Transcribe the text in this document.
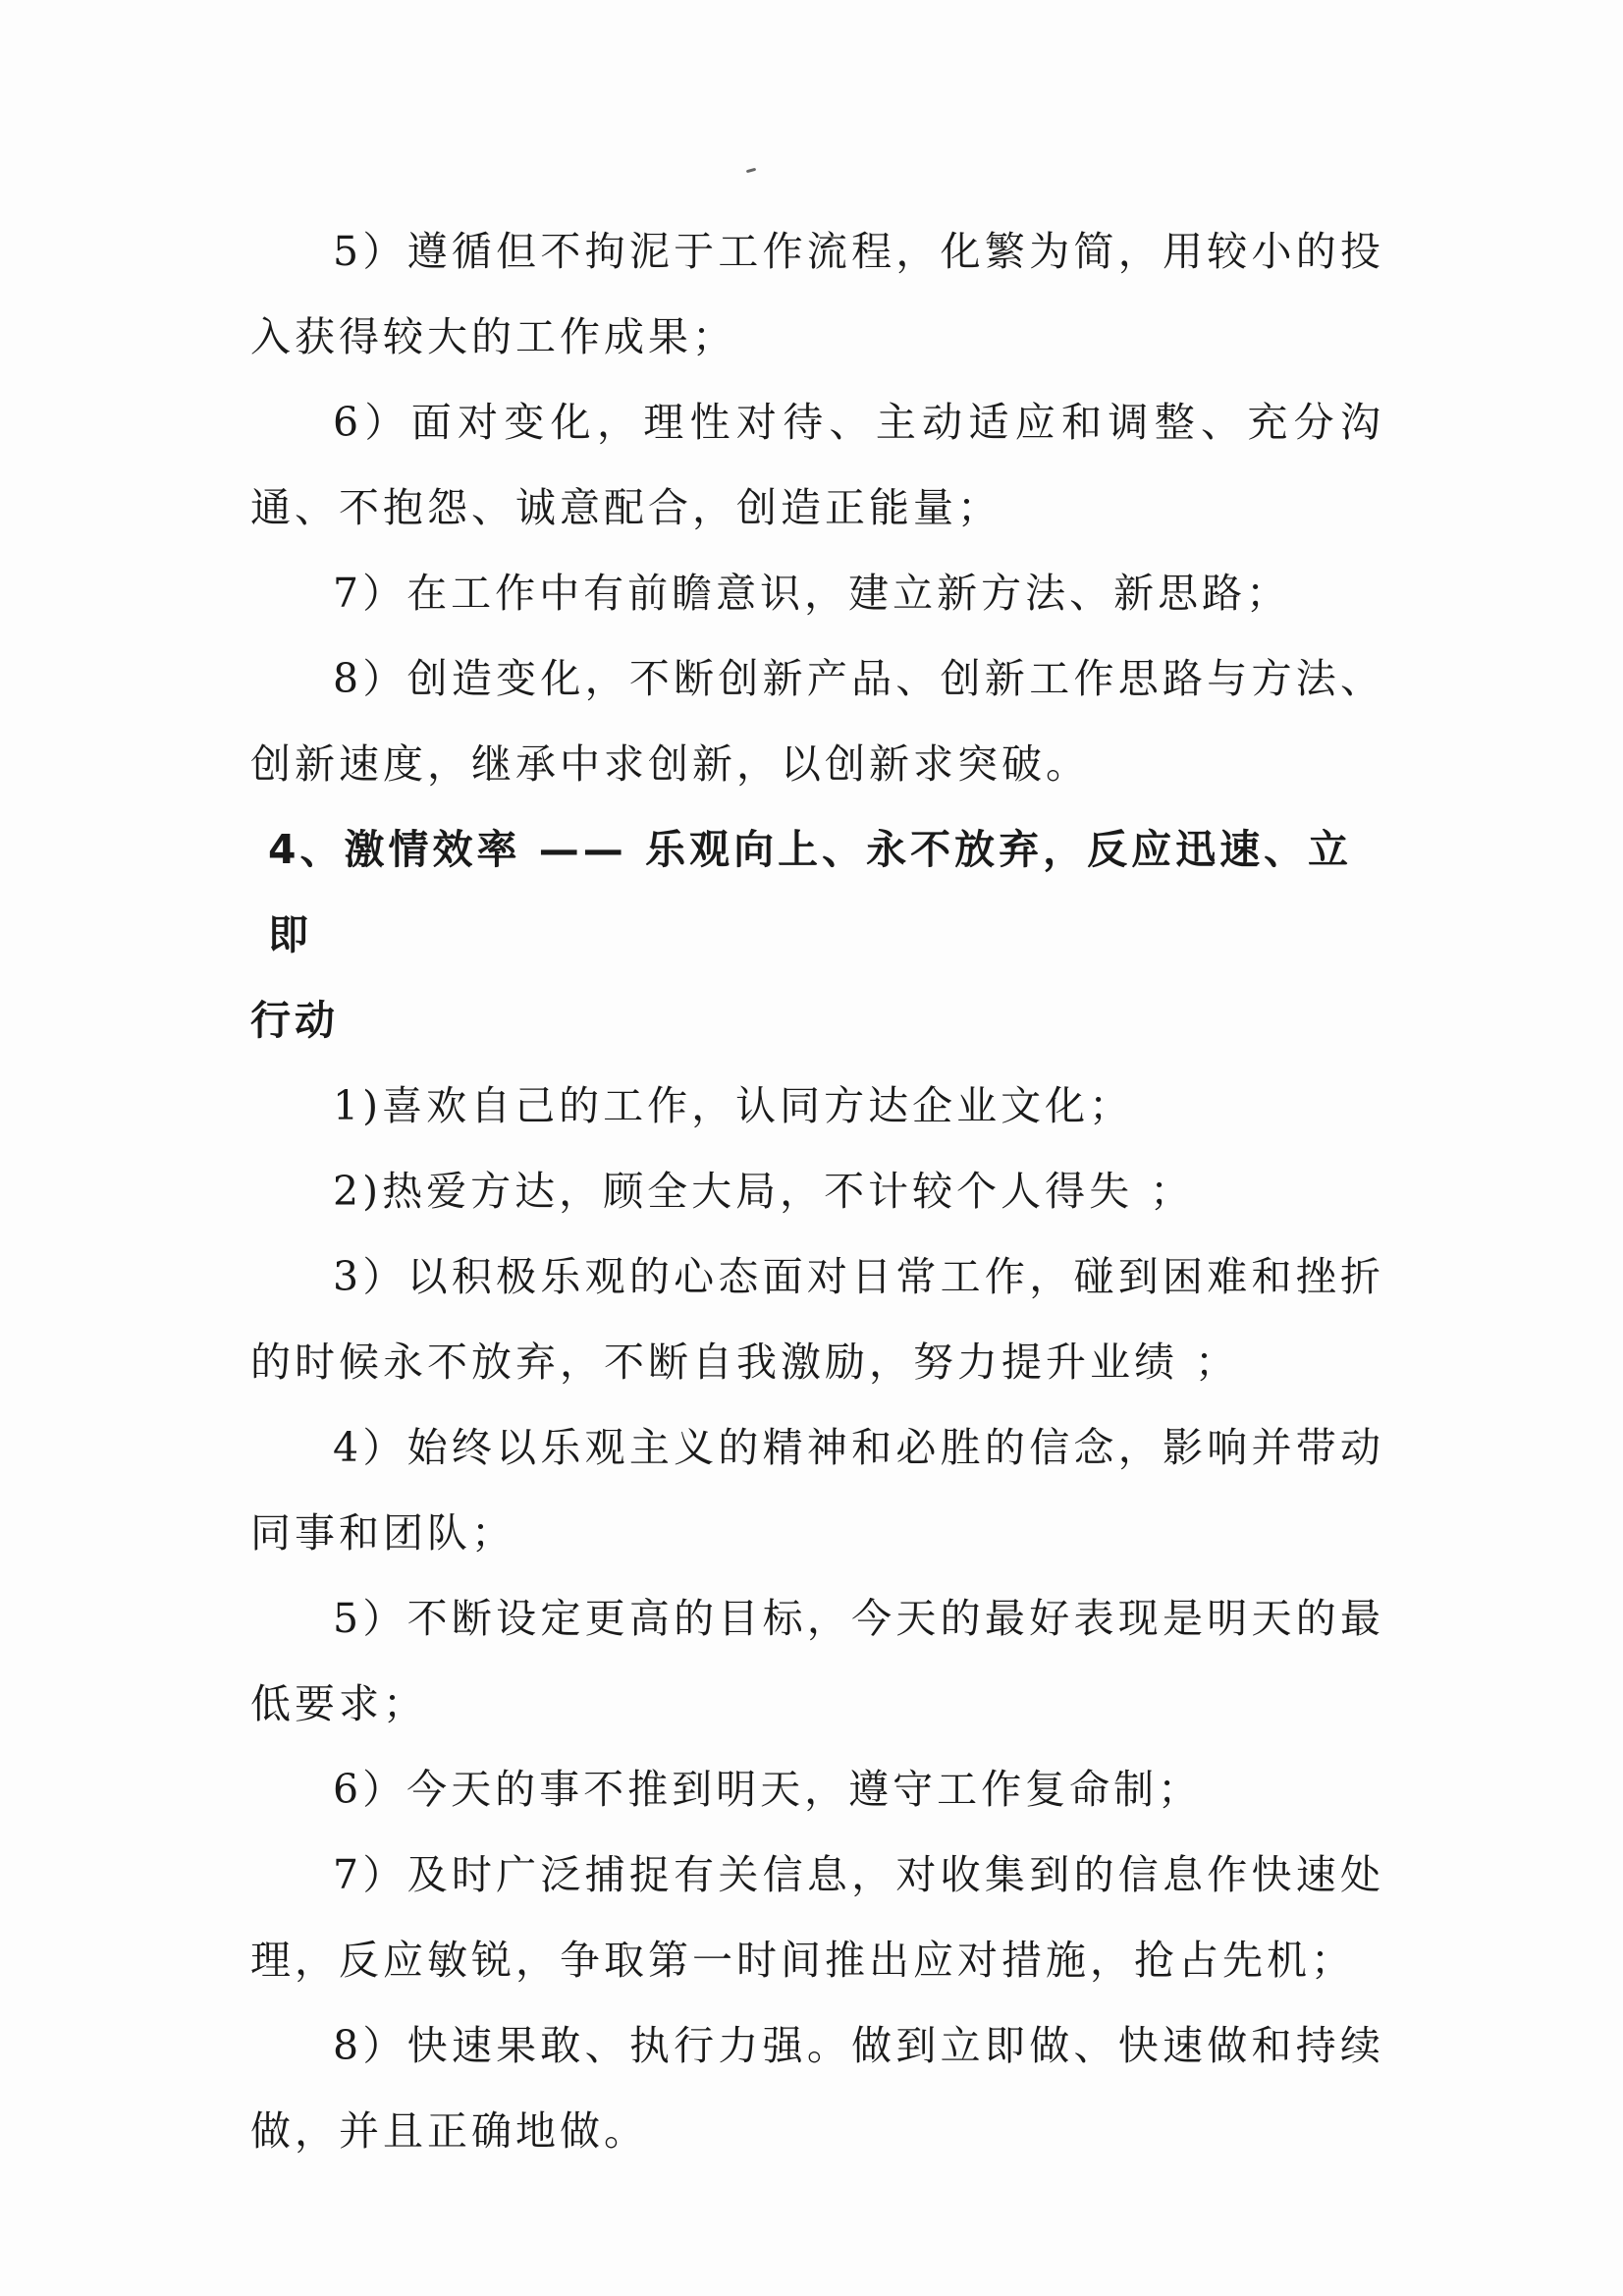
5）遵循但不拘泥于工作流程，化繁为简，用较小的投入获得较大的工作成果；

6）面对变化，理性对待、主动适应和调整、充分沟通、不抱怨、诚意配合，创造正能量；

7）在工作中有前瞻意识，建立新方法、新思路；

8）创造变化，不断创新产品、创新工作思路与方法、创新速度，继承中求创新，以创新求突破。

4、激情效率 —— 乐观向上、永不放弃，反应迅速、立即
行动

1)喜欢自己的工作，认同方达企业文化；

2)热爱方达，顾全大局，不计较个人得失 ；

3）以积极乐观的心态面对日常工作，碰到困难和挫折的时候永不放弃，不断自我激励，努力提升业绩 ；

4）始终以乐观主义的精神和必胜的信念，影响并带动同事和团队；

5）不断设定更高的目标，今天的最好表现是明天的最低要求；

6）今天的事不推到明天，遵守工作复命制；

7）及时广泛捕捉有关信息，对收集到的信息作快速处理，反应敏锐，争取第一时间推出应对措施，抢占先机；

8）快速果敢、执行力强。做到立即做、快速做和持续做，并且正确地做。
